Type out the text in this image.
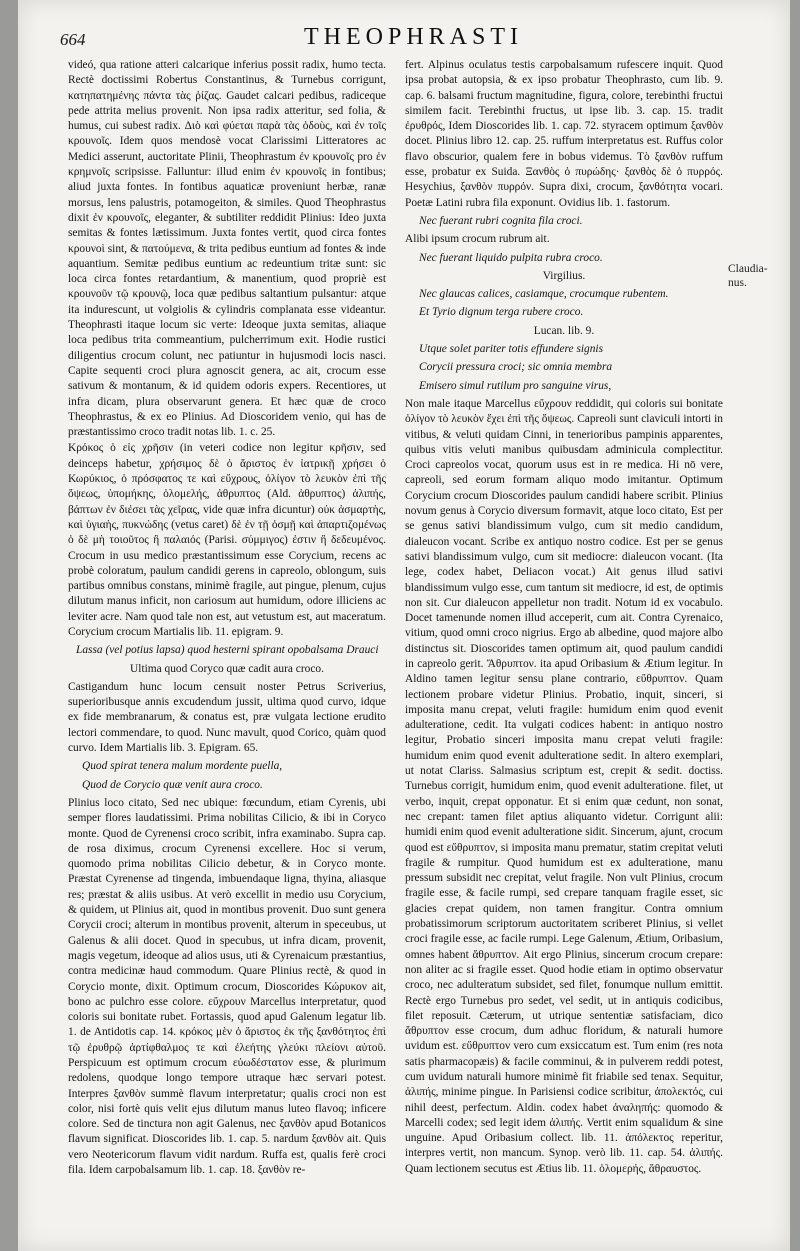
664	THEOPHRASTI

videó, qua ratione atteri calcarique inferius possit radix, humo tecta. Rectè doctissimi Robertus Constantinus, & Turnebus corrigunt, κατηπατημένης πάντα τὰς ῥίζας. Gaudet calcari pedibus, radiceque pede attrita melius provenit. Non ipsa radix atteritur, sed folia, & humus, cui subest radix. Διὸ καὶ φύεται παρὰ τὰς ὁδοὺς, καὶ ἐν τοῖς κρουνοῖς. Idem quos mendosè vocat Clarissimi Litteratores ac Medici asserunt, auctoritate Plinii, Theophrastum ἐν κρουνοῖς pro ἐν κρημνοῖς scripsisse. Falluntur: illud enim ἐν κρουνοῖς in fontibus; aliud juxta fontes. In fontibus aquaticæ proveniunt herbæ, ranæ morsus, lens palustris, potamogeiton, & similes. Quod Theophrastus dixit ἐν κρουνοῖς, eleganter, & subtiliter reddidit Plinius: Ideo juxta semitas & fontes lætissimum. Juxta fontes vertit, quod circa fontes κρουνοὶ sint, & πατούμενα, & trita pedibus euntium ad fontes & inde aquantium. Semitæ pedibus euntium ac redeuntium tritæ sunt: sic loca circa fontes retardantium, & manentium, quod propriè est κρουνοῦν τῷ κρουνῷ, loca quæ pedibus saltantium pulsantur: atque ita indurescunt, ut volgiolis & cylindris complanata esse videantur. Theophrasti itaque locum sic verte: Ideoque juxta semitas, aliaque loca pedibus trita commeantium, pulcherrimum exit. Hodie rustici diligentius crocum colunt, nec patiuntur in hujusmodi locis nasci. Capite sequenti croci plura agnoscit genera, ac ait, crocum esse sativum & montanum, & id quidem odoris expers. Recentiores, ut infra dicam, plura observarunt genera. Et hæc quæ de croco Theophrastus, & ex eo Plinius. Ad Dioscoridem venio, qui has de præstantissimo croco tradit notas lib. 1. c. 25.

Κρόκος ὁ εἰς χρῆσιν (in veteri codice non legitur κρῆσιν, sed deinceps habetur, χρήσιμος δὲ ὁ ἄριστος ἐν ἰατρικῇ χρήσει ὁ Κωρύκιος, ὁ πρόσφατος τε καὶ εὔχρους, ὀλίγον τὸ λευκὸν ἐπὶ τῆς ὄψεως, ὑπομήκης, ὁλομελής, ἀθρυπτος (Ald. ἀθρυπτος) ἀλιπής, βάπτων ἐν διέσει τὰς χεῖρας, vide quæ infra dicuntur) οὐκ ἀσμαρτὴς, καὶ ὑγιαὴς, πυκνώδης (vetus caret) δὲ ἐν τῇ ὀσμῇ καὶ ἀπαρτιζομένως ὁ δὲ μὴ τοιοῦτος ἢ παλαιός (Parisi. σύμμιγος) ἐστιν ἢ δεδευμένος. Crocum in usu medico præstantissimum esse Corycium, recens ac probè coloratum, paulum candidi gerens in capreolo, oblongum, suis partibus omnibus constans, minimè fragile, aut pingue, plenum, cujus dilutum manus inficit, non cariosum aut humidum, odore illiciens ac leviter acre. Nam quod tale non est, aut vetustum est, aut maceratum. Corycium crocum Martialis lib. 11. epigram. 9.

Lassa (vel potius lapsa) quod hesterni spirant opobalsama Drauci

Ultima quod Coryco quæ cadit aura croco.

Castigandum hunc locum censuit noster Petrus Scriverius, superioribusque annis excudendum jussit, ultima quod curvo, idque ex fide membranarum, & conatus est, præ vulgata lectione erudito lectori commendare, to quod. Nunc mavult, quod Corico, quàm quod curvo. Idem Martialis lib. 3. Epigram. 65.

Quod spirat tenera malum mordente puella,

Quod de Corycio quæ venit aura croco.

Plinius loco citato, Sed nec ubique: fœcundum, etiam Cyrenis, ubi semper flores laudatissimi. Prima nobilitas Cilicio, & ibi in Coryco monte. Quod de Cyrenensi croco scribit, infra examinabo. Supra cap. de rosa diximus, crocum Cyrenensi excellere. Hoc si verum, quomodo prima nobilitas Cilicio debetur, & in Coryco monte. Præstat Cyrenense ad tingenda, imbuendaque ligna, thyina, aliasque res; præstat & aliis usibus. At verò excellit in medio usu Corycium, & quidem, ut Plinius ait, quod in montibus provenit. Duo sunt genera Corycii croci; alterum in montibus provenit, alterum in speceubus, ut Galenus & alii docet. Quod in specubus, ut infra dicam, provenit, magis vegetum, ideoque ad alios usus, uti & Cyrenaicum præstantius, contra medicinæ haud commodum. Quare Plinius rectè, & quod in Corycio monte, dixit. Optimum crocum, Dioscorides Κώρυκον ait, bono ac pulchro esse colore. εὔχρουν Marcellus interpretatur, quod coloris sui bonitate rubet. Fortassis, quod apud Galenum legatur lib. 1. de Antidotis cap. 14. κρόκος μὲν ὁ ἄριστος ἐκ τῆς ξανθότητος ἐπὶ τῷ ἐρυθρῷ ἀρτίφθαλμος τε καὶ ἐλεήτης γλεύκι πλείονι αὐτοῦ. Perspicuum est optimum crocum εὐωδέστατον esse, & plurimum redolens, quodque longo tempore utraque hæc servari potest. Interpres ξανθὸν summè flavum interpretatur; qualis croci non est color, nisi fortè quis velit ejus dilutum manus luteo flavoq; inficere colore. Sed de tinctura non agit Galenus, nec ξανθὸν apud Botanicos flavum significat. Dioscorides lib. 1. cap. 5. nardum ξανθὸν ait. Quis vero Neotericorum flavum vidit nardum. Ruffa est, qualis ferè croci fila. Idem carpobalsamum lib. 1. cap. 18. ξανθὸν re-

fert. Alpinus oculatus testis carpobalsamum rufescere inquit. Quod ipsa probat autopsia, & ex ipso probatur Theophrasto, cum lib. 9. cap. 6. balsami fructum magnitudine, figura, colore, terebinthi fructui similem facit. Terebinthi fructus, ut ipse lib. 3. cap. 15. tradit ἐρυθρός, Idem Dioscorides lib. 1. cap. 72. styracem optimum ξανθὸν docet. Plinius libro 12. cap. 25. ruffum interpretatus est. Ruffus color flavo obscurior, qualem fere in bobus videmus. Τὸ ξανθὸν ruffum esse, probatur ex Suida. Ξανθὸς ὁ πυρώδης· ξανθὸς δὲ ὁ πυρρός. Hesychius, ξανθὸν πυρρόν. Supra dixi, crocum, ξανθότητα vocari. Poetæ Latini rubra fila exponunt. Ovidius lib. 1. fastorum.

Nec fuerant rubri cognita fila croci.

Alibi ipsum crocum rubrum ait.

Nec fuerant liquido pulpita rubra croco.

Virgilius.

Nec glaucas calices, casiamque, crocumque rubentem.

Et Tyrio dignum terga rubere croco.

Lucan. lib. 9.

Utque solet pariter totis effundere signis

Corycii pressura croci; sic omnia membra

Emisero simul rutilum pro sanguine virus,

Non male itaque Marcellus εὔχρουν reddidit, qui coloris sui bonitate ὀλίγον τὸ λευκὸν ἔχει ἐπὶ τῆς ὄψεως. Capreoli sunt claviculi intorti in vitibus, & veluti quidam Cinni, in tenerioribus pampinis apparentes, quibus vitis veluti manibus quibusdam adminicula complectitur. Croci capreolos vocat, quorum usus est in re medica. Hi nō vere, capreoli, sed eorum formam aliquo modo imitantur. Optimum Corycium crocum Dioscorides paulum candidi habere scribit. Plinius novum genus à Corycio diversum formavit, atque loco citato, Est per se genus sativi blandissimum vulgo, cum sit medio candidum, dialeucon vocant. Scribe ex antiquo nostro codice. Est per se genus sativi blandissimum vulgo, cum sit mediocre: dialeucon vocant. (Ita lege, codex habet, Deliacon vocat.) Ait genus illud sativi blandissimum vulgo esse, cum tantum sit mediocre, id est, de optimis non sit. Cur dialeucon appelletur non tradit. Notum id ex vocabulo. Docet tamenunde nomen illud acceperit, cum ait. Contra Cyrenaico, vitium, quod omni croco nigrius. Ergo ab albedine, quod majore albo distinctus sit. Dioscorides tamen optimum ait, quod paulum candidi in capreolo gerit. Ἄθρυπτον. ita apud Oribasium & Ætium legitur. In Aldino tamen legitur sensu plane contrario, εὔθρυπτον. Quam lectionem probare videtur Plinius. Probatio, inquit, sinceri, si imposita manu crepat, veluti fragile: humidum enim quod evenit adulteratione, cedit. Ita vulgati codices habent: in antiquo nostro legitur, Probatio sinceri imposita manu crepat veluti fragile: humidum enim quod evenit adulteratione sedit. In altero exemplari, ut notat Clariss. Salmasius scriptum est, crepit & sedit. doctiss. Turnebus corrigit, humidum enim, quod evenit adulteratione. filet, ut verbo, inquit, crepat opponatur. Et si enim quæ cedunt, non sonat, nec crepant: tamen filet aptius aliquanto videtur. Corrigunt alii: humidi enim quod evenit adulteratione sidit. Sincerum, ajunt, crocum quod est εὔθρυπτον, si imposita manu prematur, statim crepitat veluti fragile & rumpitur. Quod humidum est ex adulteratione, manu pressum subsidit nec crepitat, velut fragile. Non vult Plinius, crocum fragile esse, & facile rumpi, sed crepare tanquam fragile esset, sic glacies crepat quidem, non tamen frangitur. Contra omnium probatissimorum scriptorum auctoritatem scriberet Plinius, si vellet croci fragile esse, ac facile rumpi. Lege Galenum, Ætium, Oribasium, omnes habent ἄθρυπτον. Ait ergo Plinius, sincerum crocum crepare: non aliter ac si fragile esset. Quod hodie etiam in optimo observatur croco, nec adulteratum subsidet, sed filet, fonumque nullum emittit. Rectè ergo Turnebus pro sedet, vel sedit, ut in antiquis codicibus, filet reposuit. Cæterum, ut utrique sententiæ satisfaciam, dico ἄθρυπτον esse crocum, dum adhuc floridum, & naturali humore uvidum est. εὔθρυπτον vero cum exsiccatum est. Tum enim (res nota satis pharmacopæis) & facile comminui, & in pulverem reddi potest, cum uvidum naturali humore minimè fit friabile sed tenax. Sequitur, ἀλιπής, minime pingue. In Parisiensi codice scribitur, ἀπολεκτός, cui nihil deest, perfectum. Aldin. codex habet ἀναληπής: quomodo & Marcelli codex; sed legit idem ἀλιπής. Vertit enim squalidum & sine unguine. Apud Oribasium collect. lib. 11. ἀπόλεκτος reperitur, interpres vertit, non mancum. Synop. verò lib. 11. cap. 54. ἀλιπής. Quam lectionem secutus est Ætius lib. 11. ὁλομερής, ἄθραυστος.

Claudia-nus.
